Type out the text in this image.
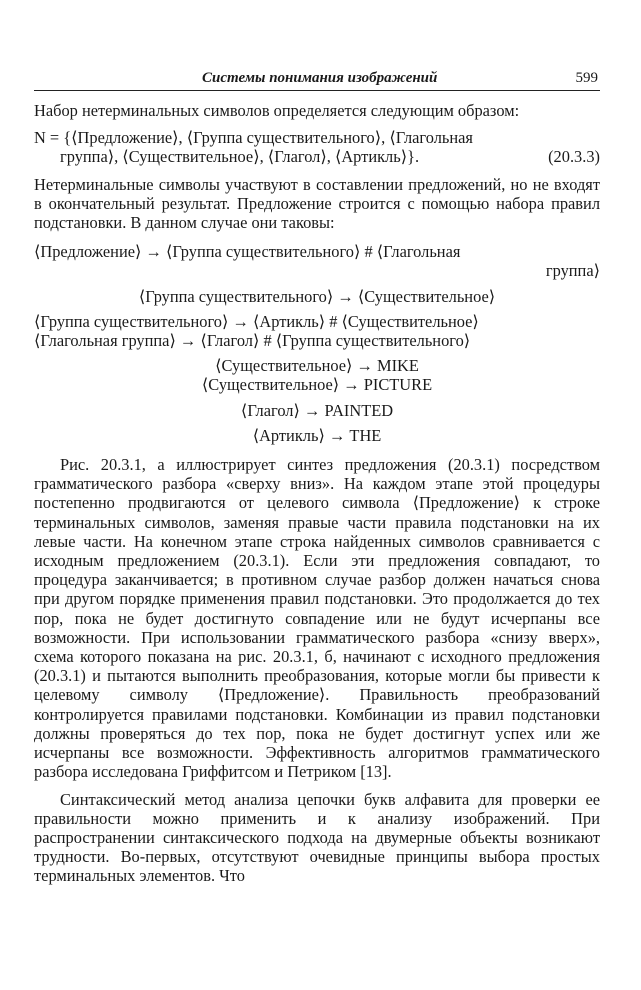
Системы понимания изображений	599

Набор нетерминальных символов определяется следующим образом:

N = {⟨Предложение⟩, ⟨Группа существительного⟩, ⟨Глагольная
группа⟩, ⟨Существительное⟩, ⟨Глагол⟩, ⟨Артикль⟩}.	(20.3.3)

Нетерминальные символы участвуют в составлении предложений, но не входят в окончательный результат. Предложение строится с помощью набора правил подстановки. В данном случае они таковы:

⟨Предложение⟩ → ⟨Группа существительного⟩ # ⟨Глагольная
группа⟩
⟨Группа существительного⟩ → ⟨Существительное⟩
⟨Группа существительного⟩ → ⟨Артикль⟩ # ⟨Существительное⟩
⟨Глагольная группа⟩ → ⟨Глагол⟩ # ⟨Группа существительного⟩
⟨Существительное⟩ → MIKE
⟨Существительное⟩ → PICTURE
⟨Глагол⟩ → PAINTED
⟨Артикль⟩ → THE

Рис. 20.3.1, а иллюстрирует синтез предложения (20.3.1) посредством грамматического разбора «сверху вниз». На каждом этапе этой процедуры постепенно продвигаются от целевого символа ⟨Предложение⟩ к строке терминальных символов, заменяя правые части правила подстановки на их левые части. На конечном этапе строка найденных символов сравнивается с исходным предложением (20.3.1). Если эти предложения совпадают, то процедура заканчивается; в противном случае разбор должен начаться снова при другом порядке применения правил подстановки. Это продолжается до тех пор, пока не будет достигнуто совпадение или не будут исчерпаны все возможности. При использовании грамматического разбора «снизу вверх», схема которого показана на рис. 20.3.1, б, начинают с исходного предложения (20.3.1) и пытаются выполнить преобразования, которые могли бы привести к целевому символу ⟨Предложение⟩. Правильность преобразований контролируется правилами подстановки. Комбинации из правил подстановки должны проверяться до тех пор, пока не будет достигнут успех или же исчерпаны все возможности. Эффективность алгоритмов грамматического разбора исследована Гриффитсом и Петриком [13].

Синтаксический метод анализа цепочки букв алфавита для проверки ее правильности можно применить и к анализу изображений. При распространении синтаксического подхода на двумерные объекты возникают трудности. Во-первых, отсутствуют очевидные принципы выбора простых терминальных элементов. Что
